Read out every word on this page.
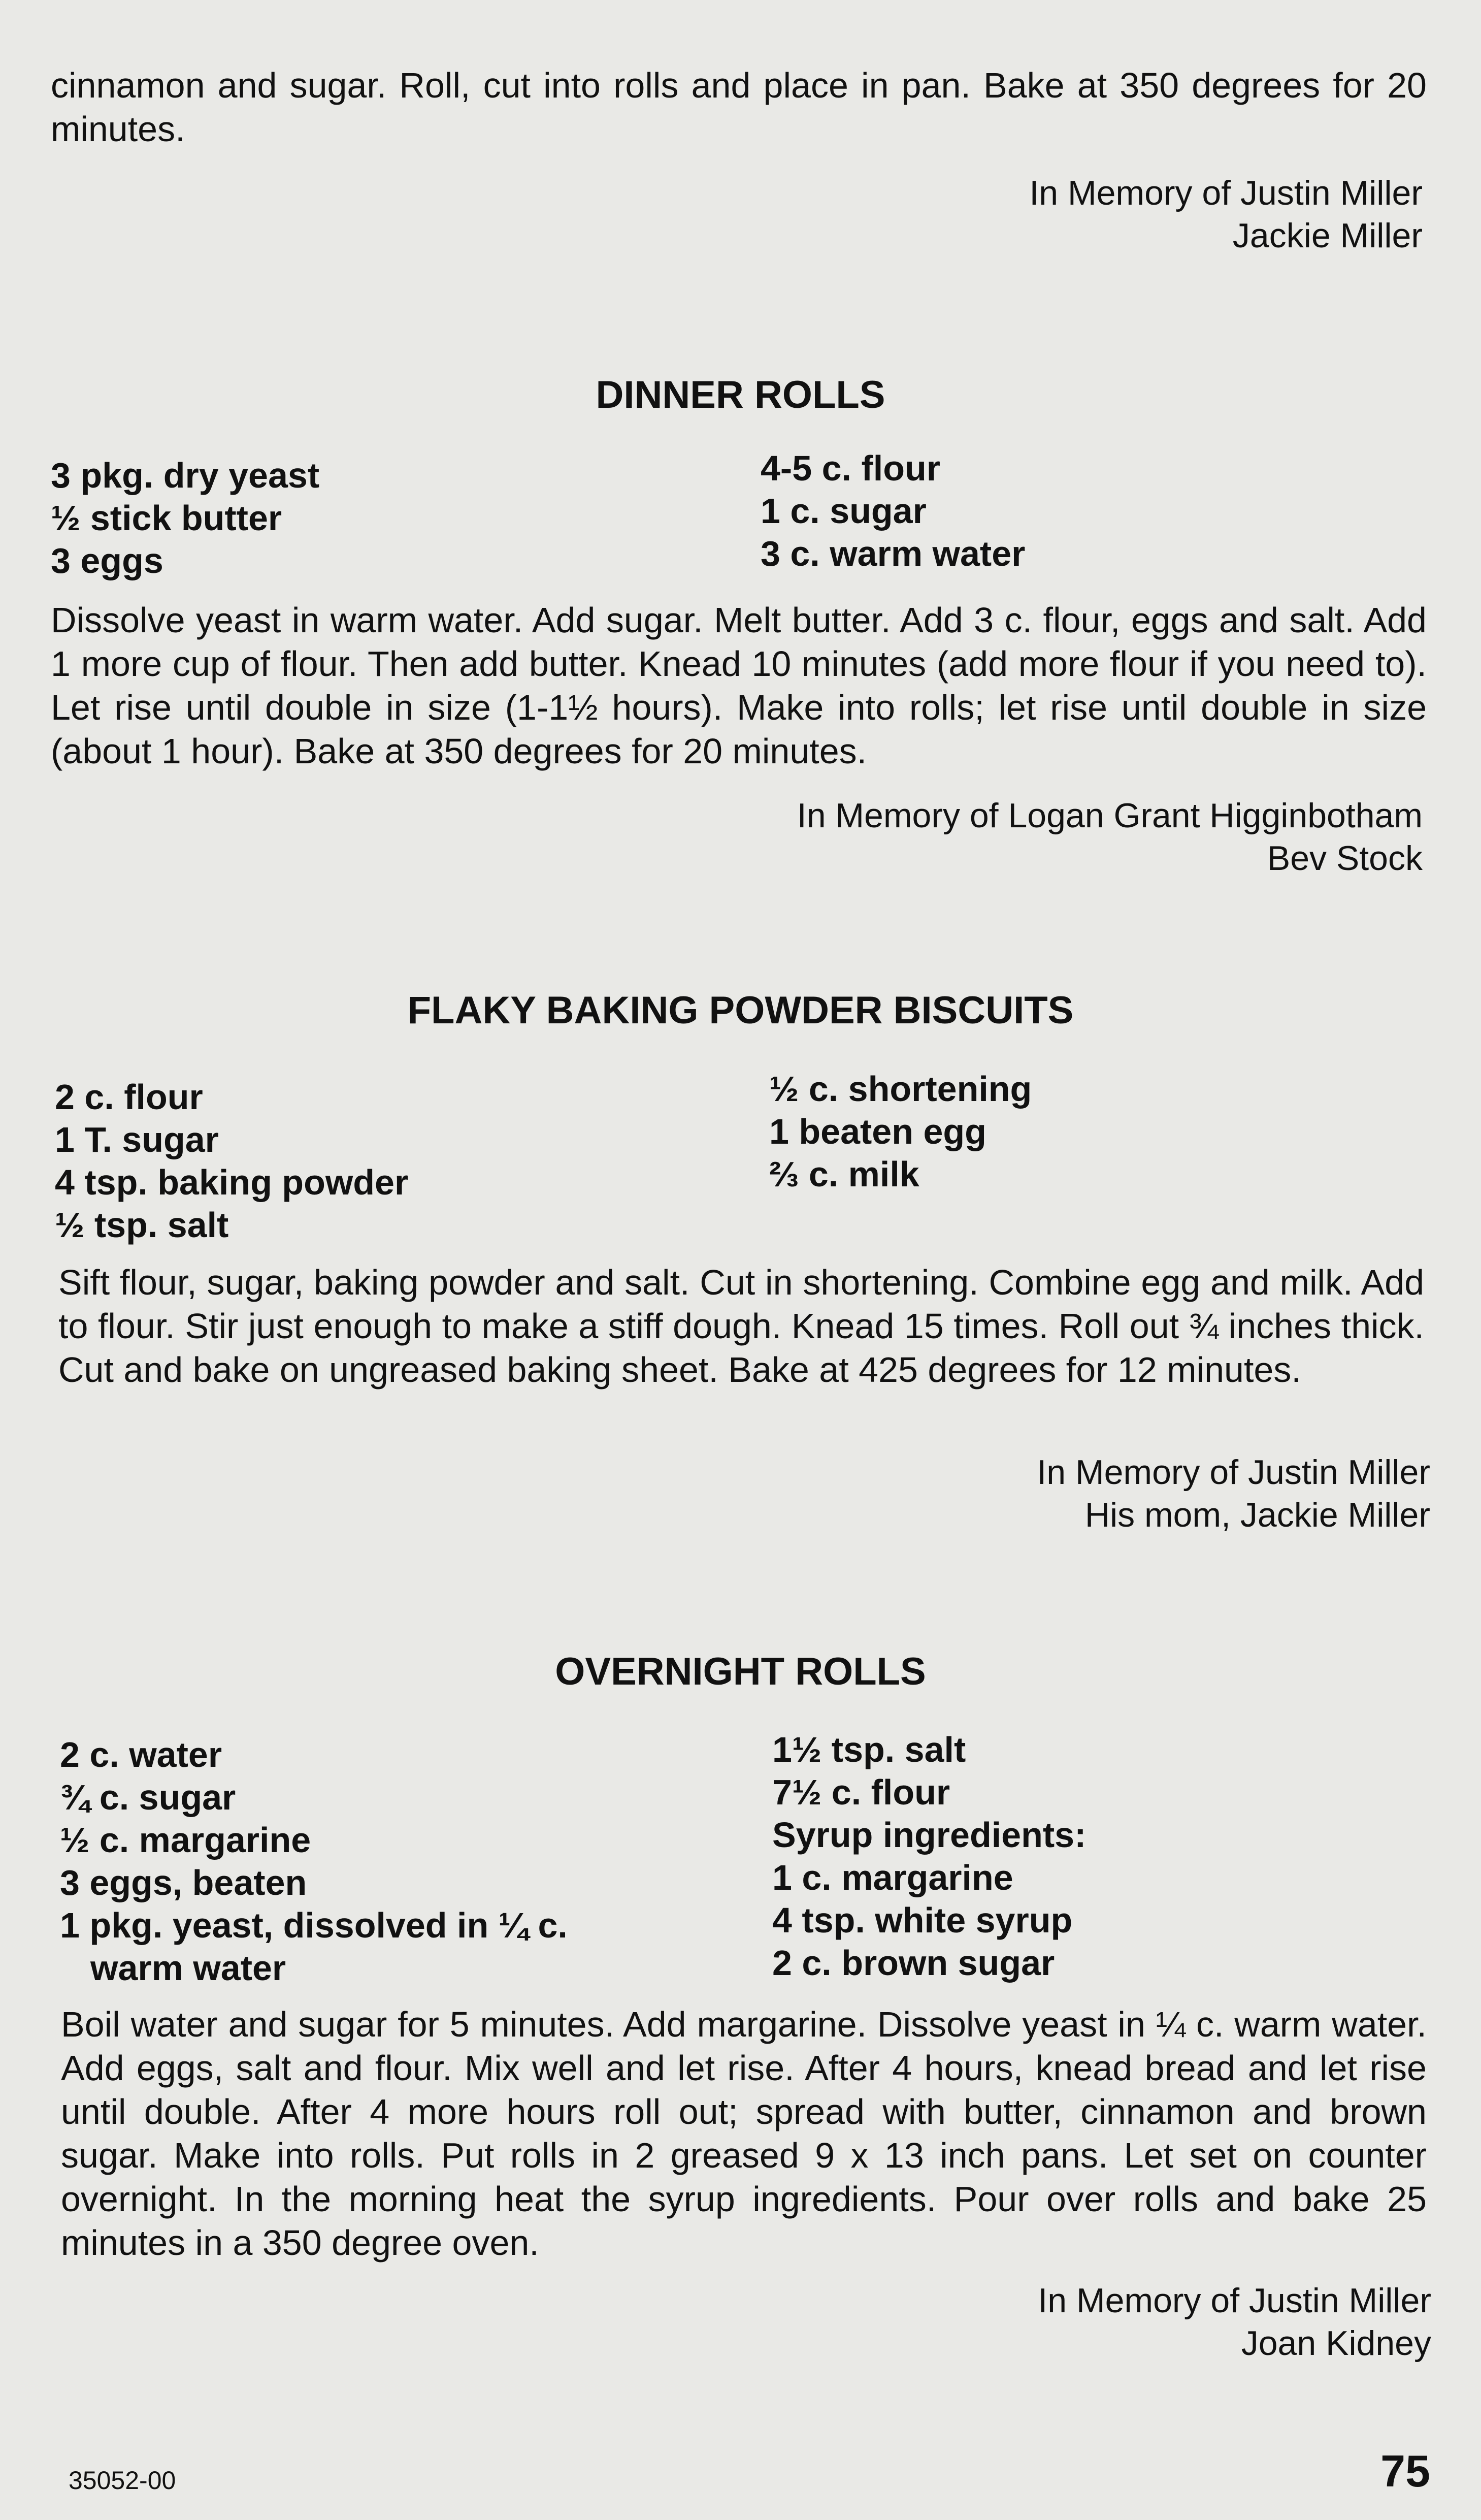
cinnamon and sugar. Roll, cut into rolls and place in pan. Bake at 350 degrees for 20 minutes.

In Memory of Justin Miller
Jackie Miller
DINNER ROLLS
3 pkg. dry yeast
½ stick butter
3 eggs
4-5 c. flour
1 c. sugar
3 c. warm water

Dissolve yeast in warm water. Add sugar. Melt butter. Add 3 c. flour, eggs and salt. Add 1 more cup of flour. Then add butter. Knead 10 minutes (add more flour if you need to). Let rise until double in size (1-1½ hours). Make into rolls; let rise until double in size (about 1 hour). Bake at 350 degrees for 20 minutes.

In Memory of Logan Grant Higginbotham
Bev Stock
FLAKY BAKING POWDER BISCUITS
2 c. flour
1 T. sugar
4 tsp. baking powder
½ tsp. salt
½ c. shortening
1 beaten egg
⅔ c. milk

Sift flour, sugar, baking powder and salt. Cut in shortening. Combine egg and milk. Add to flour. Stir just enough to make a stiff dough. Knead 15 times. Roll out ¾ inches thick. Cut and bake on ungreased baking sheet. Bake at 425 degrees for 12 minutes.

In Memory of Justin Miller
His mom, Jackie Miller
OVERNIGHT ROLLS
2 c. water
¾ c. sugar
½ c. margarine
3 eggs, beaten
1 pkg. yeast, dissolved in ¼ c.
warm water
1½ tsp. salt
7½ c. flour
Syrup ingredients:
1 c. margarine
4 tsp. white syrup
2 c. brown sugar

Boil water and sugar for 5 minutes. Add margarine. Dissolve yeast in ¼ c. warm water. Add eggs, salt and flour. Mix well and let rise. After 4 hours, knead bread and let rise until double. After 4 more hours roll out; spread with butter, cinnamon and brown sugar. Make into rolls. Put rolls in 2 greased 9 x 13 inch pans. Let set on counter overnight. In the morning heat the syrup ingredients. Pour over rolls and bake 25 minutes in a 350 degree oven.

In Memory of Justin Miller
Joan Kidney
35052-00	75
